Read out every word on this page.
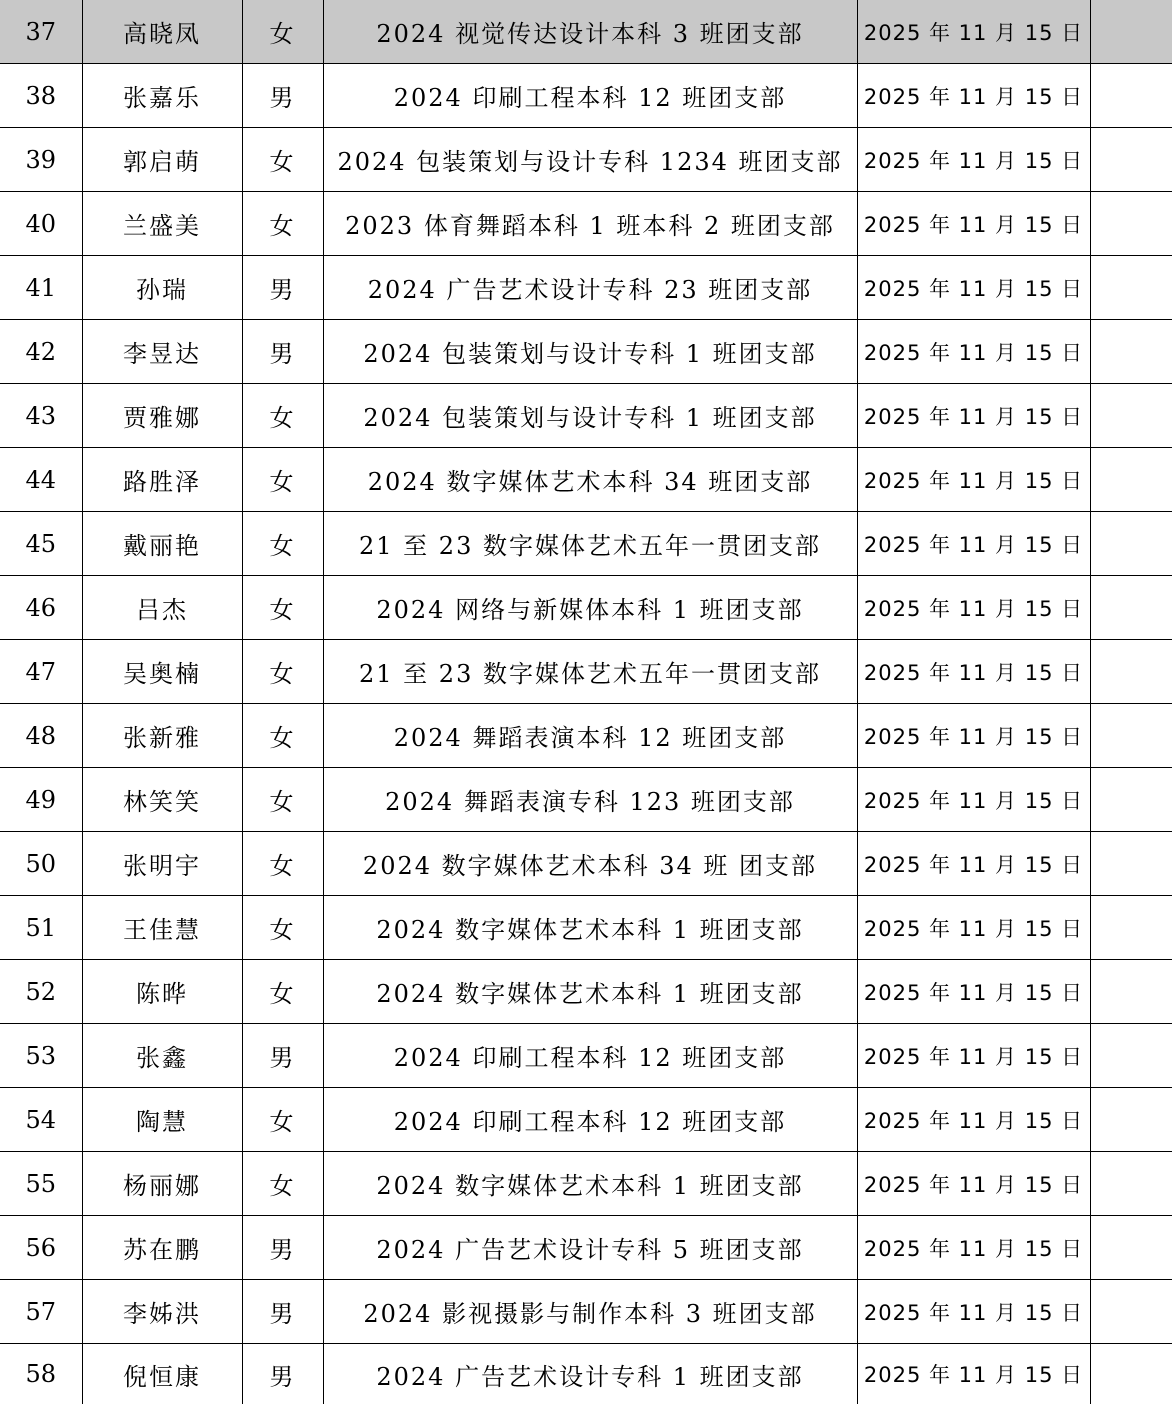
37	高晓凤	女	2024 视觉传达设计本科 3 班团支部	2025 年 11 月 15 日	
38	张嘉乐	男	2024 印刷工程本科 12 班团支部	2025 年 11 月 15 日	
39	郭启萌	女	2024 包装策划与设计专科 1234 班团支部	2025 年 11 月 15 日	
40	兰盛美	女	2023 体育舞蹈本科 1 班本科 2 班团支部	2025 年 11 月 15 日	
41	孙瑞	男	2024 广告艺术设计专科 23 班团支部	2025 年 11 月 15 日	
42	李昱达	男	2024 包装策划与设计专科 1 班团支部	2025 年 11 月 15 日	
43	贾雅娜	女	2024 包装策划与设计专科 1 班团支部	2025 年 11 月 15 日	
44	路胜泽	女	2024 数字媒体艺术本科 34 班团支部	2025 年 11 月 15 日	
45	戴丽艳	女	21 至 23 数字媒体艺术五年一贯团支部	2025 年 11 月 15 日	
46	吕杰	女	2024 网络与新媒体本科 1 班团支部	2025 年 11 月 15 日	
47	吴奥楠	女	21 至 23 数字媒体艺术五年一贯团支部	2025 年 11 月 15 日	
48	张新雅	女	2024 舞蹈表演本科 12 班团支部	2025 年 11 月 15 日	
49	林笑笑	女	2024 舞蹈表演专科 123 班团支部	2025 年 11 月 15 日	
50	张明宇	女	2024 数字媒体艺术本科 34 班 团支部	2025 年 11 月 15 日	
51	王佳慧	女	2024 数字媒体艺术本科 1 班团支部	2025 年 11 月 15 日	
52	陈晔	女	2024 数字媒体艺术本科 1 班团支部	2025 年 11 月 15 日	
53	张鑫	男	2024 印刷工程本科 12 班团支部	2025 年 11 月 15 日	
54	陶慧	女	2024 印刷工程本科 12 班团支部	2025 年 11 月 15 日	
55	杨丽娜	女	2024 数字媒体艺术本科 1 班团支部	2025 年 11 月 15 日	
56	苏在鹏	男	2024 广告艺术设计专科 5 班团支部	2025 年 11 月 15 日	
57	李姊洪	男	2024 影视摄影与制作本科 3 班团支部	2025 年 11 月 15 日	
58	倪恒康	男	2024 广告艺术设计专科 1 班团支部	2025 年 11 月 15 日	
